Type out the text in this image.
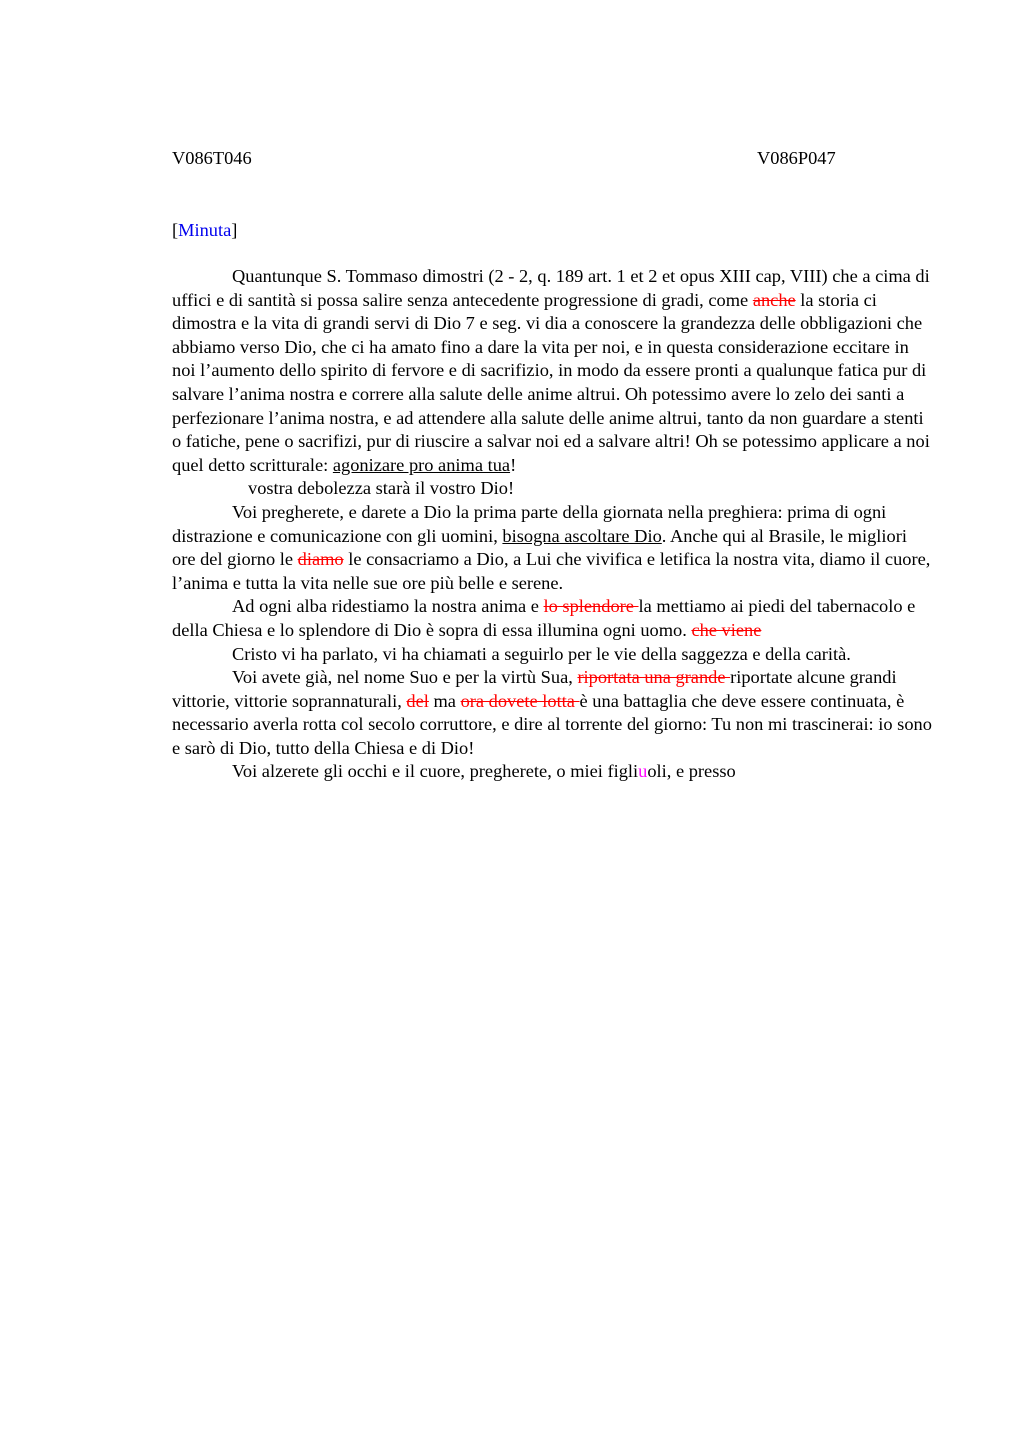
V086T046	V086P047
[Minuta]

Quantunque S. Tommaso dimostri (2 - 2, q. 189 art. 1 et 2 et opus XIII cap, VIII) che a cima di uffici e di santità si possa salire senza antecedente progressione di gradi, come anche la storia ci dimostra e la vita di grandi servi di Dio 7 e seg. vi dia a conoscere la grandezza delle obbligazioni che abbiamo verso Dio, che ci ha amato fino a dare la vita per noi, e in questa considerazione eccitare in noi l’aumento dello spirito di fervore e di sacrifizio, in modo da essere pronti a qualunque fatica pur di salvare l’anima nostra e correre alla salute delle anime altrui. Oh potessimo avere lo zelo dei santi a perfezionare l’anima nostra, e ad attendere alla salute delle anime altrui, tanto da non guardare a stenti o fatiche, pene o sacrifizi, pur di riuscire a salvar noi ed a salvare altri! Oh se potessimo applicare a noi quel detto scritturale: agonizare pro anima tua!

vostra debolezza starà il vostro Dio!

Voi pregherete, e darete a Dio la prima parte della giornata nella preghiera: prima di ogni distrazione e comunicazione con gli uomini, bisogna ascoltare Dio. Anche qui al Brasile, le migliori ore del giorno le diamo le consacriamo a Dio, a Lui che vivifica e letifica la nostra vita, diamo il cuore, l’anima e tutta la vita nelle sue ore più belle e serene.

Ad ogni alba ridestiamo la nostra anima e lo splendore la mettiamo ai piedi del tabernacolo e della Chiesa e lo splendore di Dio è sopra di essa illumina ogni uomo. che viene

Cristo vi ha parlato, vi ha chiamati a seguirlo per le vie della saggezza e della carità.

Voi avete già, nel nome Suo e per la virtù Sua, riportata una grande riportate alcune grandi vittorie, vittorie soprannaturali, del ma ora dovete lotta è una battaglia che deve essere continuata, è necessario averla rotta col secolo corruttore, e dire al torrente del giorno: Tu non mi trascinerai: io sono e sarò di Dio, tutto della Chiesa e di Dio!

Voi alzerete gli occhi e il cuore, pregherete, o miei figliuoli, e presso
